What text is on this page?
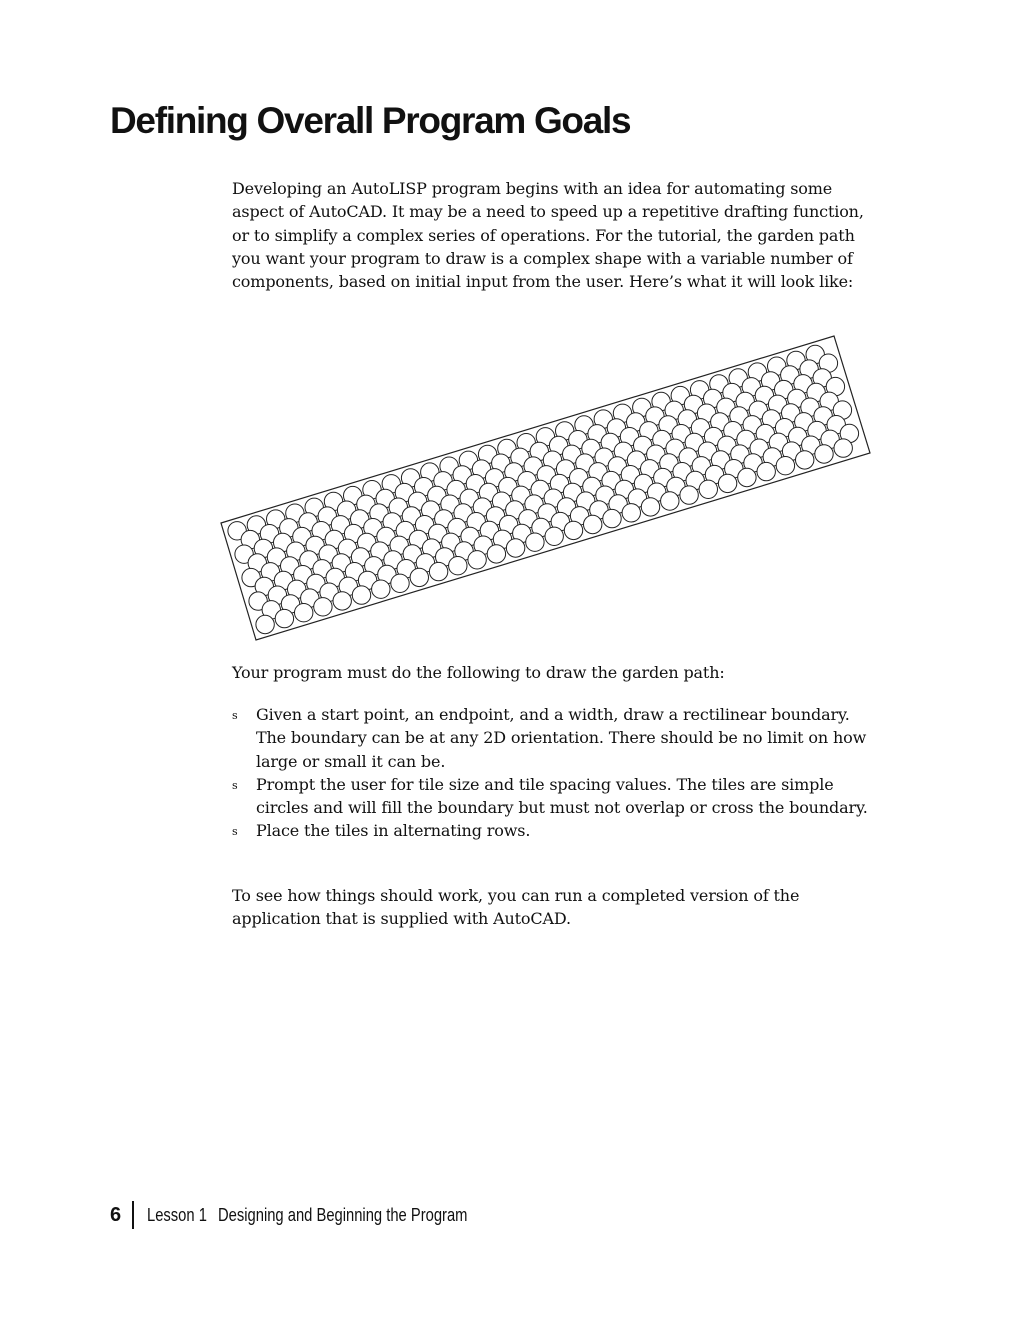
Defining Overall Program Goals

Developing an AutoLISP program begins with an idea for automating some aspect of AutoCAD. It may be a need to speed up a repetitive drafting function, or to simplify a complex series of operations. For the tutorial, the garden path you want your program to draw is a complex shape with a variable number of components, based on initial input from the user. Here’s what it will look like:

Your program must do the following to draw the garden path:

s Given a start point, an endpoint, and a width, draw a rectilinear boundary. The boundary can be at any 2D orientation. There should be no limit on how large or small it can be.
s Prompt the user for tile size and tile spacing values. The tiles are simple circles and will fill the boundary but must not overlap or cross the boundary.
s Place the tiles in alternating rows.

To see how things should work, you can run a completed version of the application that is supplied with AutoCAD.

6 Lesson 1 Designing and Beginning the Program
